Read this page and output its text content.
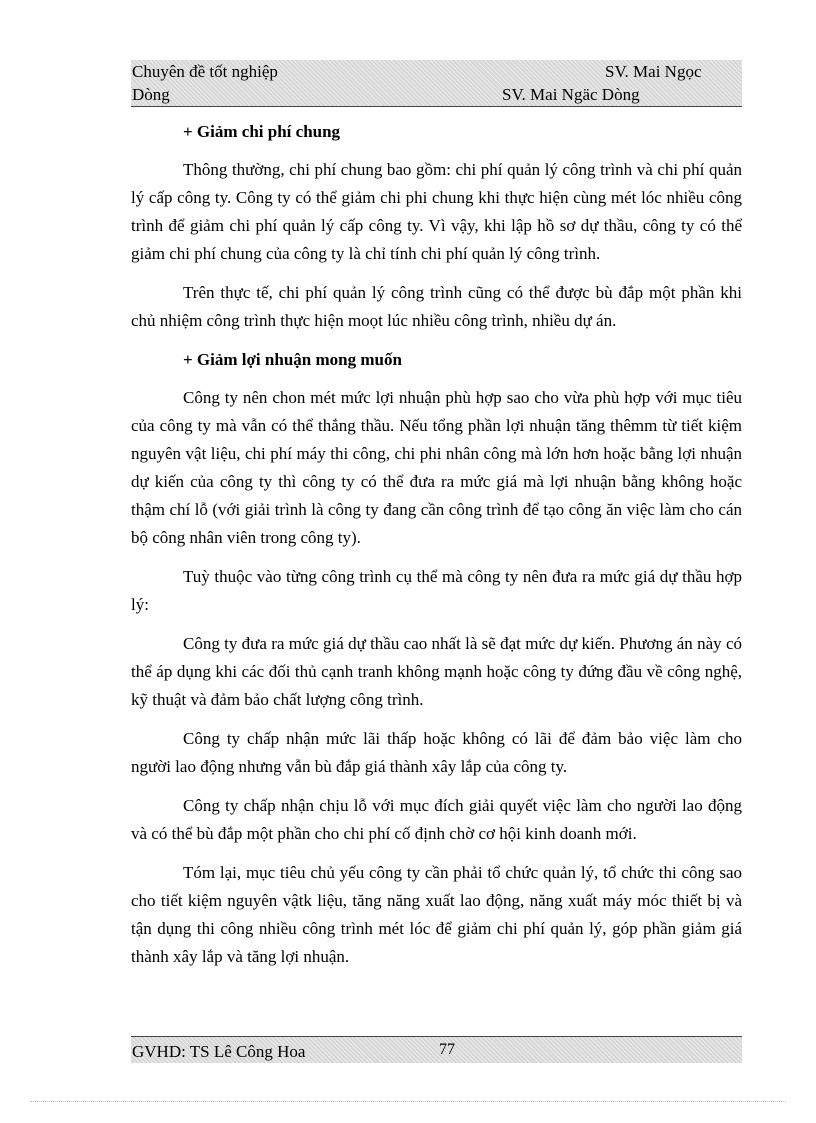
Chuyên đề tốt nghiệp	SV. Mai Ngọc
Dòng	SV. Mai Ngäc Dòng

+ Giảm chi phí chung

Thông thường, chi phí chung bao gồm: chi phí quản lý công trình và chi phí quản lý cấp công ty. Công ty có thể giảm chi phi chung khi thực hiện cùng mét lóc nhiều công trình để giảm chi phí quản lý cấp công ty. Vì vậy, khi lập hồ sơ dự thầu, công ty có thể giảm chi phí chung của công ty là chỉ tính chi phí quản lý công trình.

Trên thực tế, chi phí quản lý công trình cũng có thể được bù đắp một phần khi chủ nhiệm công trình thực hiện moọt lúc nhiều công trình, nhiều dự án.

+ Giảm lợi nhuận mong muốn

Công ty nên chon mét mức lợi nhuận phù hợp sao cho vừa phù hợp với mục tiêu của công ty mà vẫn có thể thắng thầu. Nếu tổng phần lợi nhuận tăng thêmm từ tiết kiệm nguyên vật liệu, chi phí máy thi công, chi phi nhân công mà lớn hơn hoặc bằng lợi nhuận dự kiến của công ty thì công ty có thể đưa ra mức giá mà lợi nhuận bằng không hoặc thậm chí lỗ (với giải trình là công ty đang cần công trình để tạo công ăn việc làm cho cán bộ công nhân viên trong công ty).

Tuỳ thuộc vào từng công trình cụ thể mà công ty nên đưa ra mức giá dự thầu hợp lý:

Công ty đưa ra mức giá dự thầu cao nhất là sẽ đạt mức dự kiến. Phương án này có thể áp dụng khi các đối thủ cạnh tranh không mạnh hoặc công ty đứng đầu về công nghệ, kỹ thuật và đảm bảo chất lượng công trình.

Công ty chấp nhận mức lãi thấp hoặc không có lãi để đảm bảo việc làm cho người lao động nhưng vẫn bù đắp giá thành xây lắp của công ty.

Công ty chấp nhận chịu lỗ với mục đích giải quyết việc làm cho người lao động và có thể bù đắp một phần cho chi phí cố định chờ cơ hội kinh doanh mới.

Tóm lại, mục tiêu chủ yếu công ty cần phải tổ chức quản lý, tổ chức thi công sao cho tiết kiệm nguyên vậtk liệu, tăng năng xuất lao động, năng xuất máy móc thiết bị và tận dụng thi công nhiều công trình mét lóc để giảm chi phí quản lý, góp phần giảm giá thành xây lắp và tăng lợi nhuận.

GVHD: TS Lê Công Hoa	77
